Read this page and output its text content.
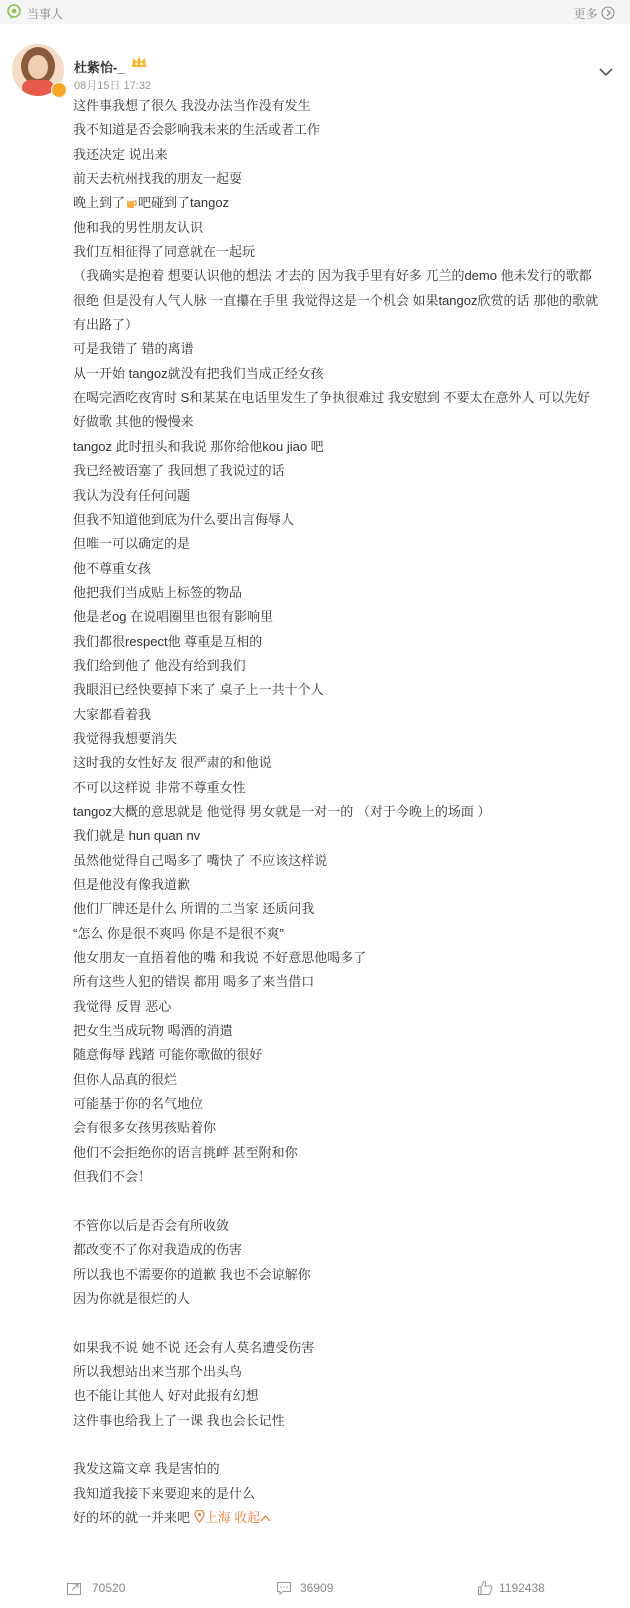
当事人	更多
杜紫怡-_
08月15日 17:32
这件事我想了很久 我没办法当作没有发生
我不知道是否会影响我未来的生活或者工作
我还决定 说出来
前天去杭州找我的朋友一起耍
晚上到了 吧碰到了tangoz
他和我的男性朋友认识
我们互相征得了同意就在一起玩
（我确实是抱着 想要认识他的想法 才去的 因为我手里有好多 兀兰的demo 他未发行的歌都很绝 但是没有人气人脉 一直攥在手里 我觉得这是一个机会 如果tangoz欣赏的话 那他的歌就有出路了）
可是我错了 错的离谱
从一开始 tangoz就没有把我们当成正经女孩
在喝完酒吃夜宵时 S和某某在电话里发生了争执很难过 我安慰到 不要太在意外人 可以先好好做歌 其他的慢慢来
tangoz 此时扭头和我说 那你给他kou jiao 吧
我已经被语塞了 我回想了我说过的话
我认为没有任何问题
但我不知道他到底为什么要出言侮辱人
但唯一可以确定的是
他不尊重女孩
他把我们当成贴上标签的物品
他是老og 在说唱圈里也很有影响里
我们都很respect他 尊重是互相的
我们给到他了 他没有给到我们
我眼泪已经快要掉下来了 桌子上一共十个人
大家都看着我
我觉得我想要消失
这时我的女性好友 很严肃的和他说
不可以这样说 非常不尊重女性
tangoz大概的意思就是 他觉得 男女就是一对一的 （对于今晚上的场面 ）
我们就是 hun quan nv
虽然他觉得自己喝多了 嘴快了 不应该这样说
但是他没有像我道歉
他们厂牌还是什么 所谓的二当家 还质问我
“怎么 你是很不爽吗 你是不是很不爽”
他女朋友一直捂着他的嘴 和我说 不好意思他喝多了
所有这些人犯的错误 都用 喝多了来当借口
我觉得 反胃 恶心
把女生当成玩物 喝酒的消遣
随意侮辱 践踏 可能你歌做的很好
但你人品真的很烂
可能基于你的名气地位
会有很多女孩男孩贴着你
他们不会拒绝你的语言挑衅 甚至附和你
但我们不会！
不管你以后是否会有所收敛
都改变不了你对我造成的伤害
所以我也不需要你的道歉 我也不会谅解你
因为你就是很烂的人
如果我不说 她不说 还会有人莫名遭受伤害
所以我想站出来当那个出头鸟
也不能让其他人 好对此报有幻想
这件事也给我上了一课 我也会长记性
我发这篇文章 我是害怕的
我知道我接下来要迎来的是什么
好的坏的就一并来吧 上海 收起
70520	36909	1192438
